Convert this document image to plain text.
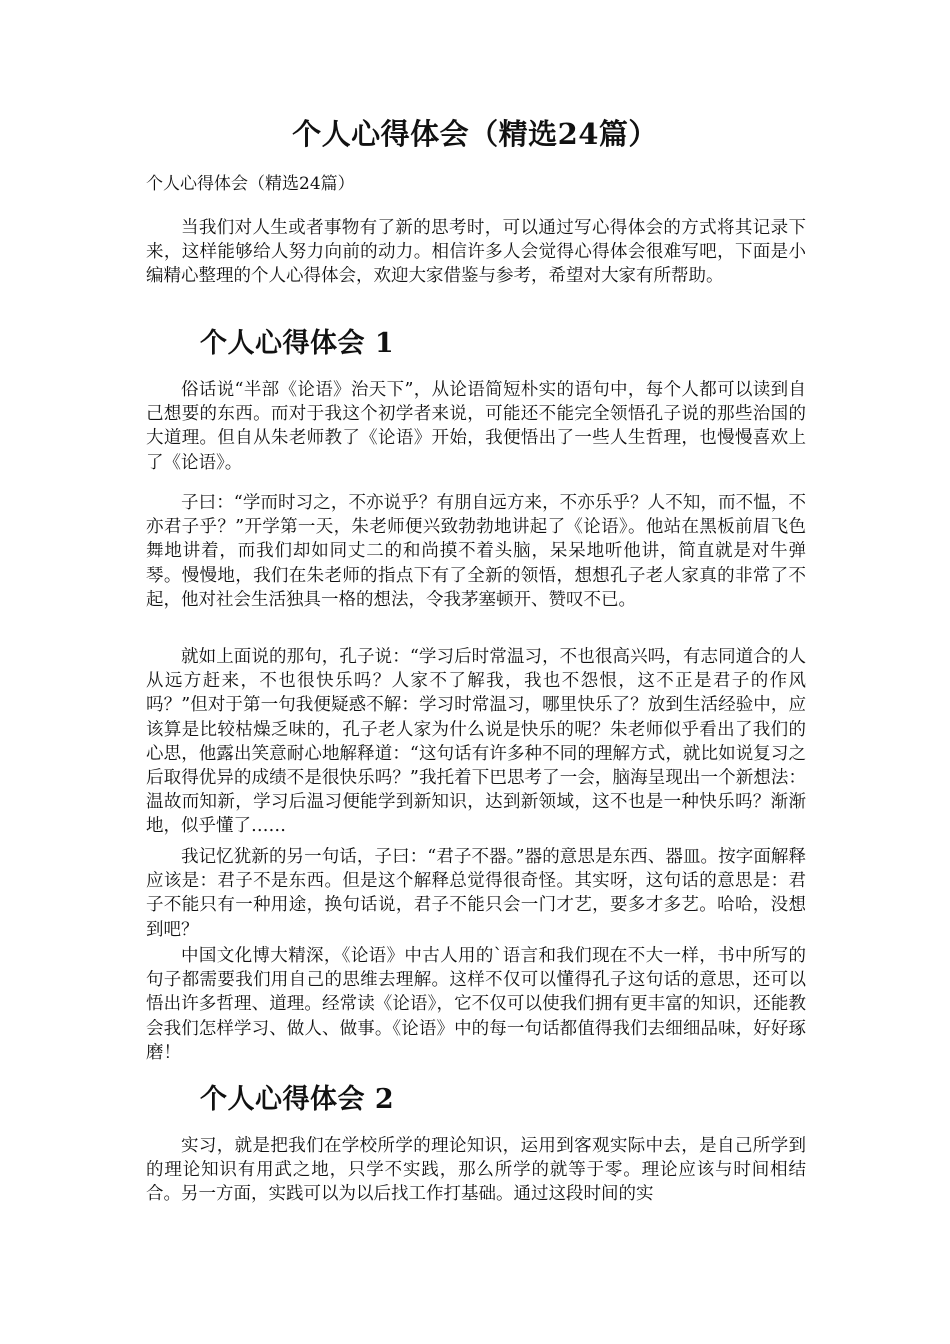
个人心得体会（精选24篇）
个人心得体会（精选24篇）

当我们对人生或者事物有了新的思考时，可以通过写心得体会的方式将其记录下来，这样能够给人努力向前的动力。相信许多人会觉得心得体会很难写吧，下面是小编精心整理的个人心得体会，欢迎大家借鉴与参考，希望对大家有所帮助。

个人心得体会 1

俗话说“半部《论语》治天下”，从论语简短朴实的语句中，每个人都可以读到自己想要的东西。而对于我这个初学者来说，可能还不能完全领悟孔子说的那些治国的大道理。但自从朱老师教了《论语》开始，我便悟出了一些人生哲理，也慢慢喜欢上了《论语》。

子曰：“学而时习之，不亦说乎？有朋自远方来，不亦乐乎？人不知，而不愠，不亦君子乎？”开学第一天，朱老师便兴致勃勃地讲起了《论语》。他站在黑板前眉飞色舞地讲着，而我们却如同丈二的和尚摸不着头脑，呆呆地听他讲，简直就是对牛弹琴。慢慢地，我们在朱老师的指点下有了全新的领悟，想想孔子老人家真的非常了不起，他对社会生活独具一格的想法，令我茅塞顿开、赞叹不已。

就如上面说的那句，孔子说：“学习后时常温习，不也很高兴吗，有志同道合的人从远方赶来，不也很快乐吗？人家不了解我，我也不怨恨，这不正是君子的作风吗？”但对于第一句我便疑惑不解：学习时常温习，哪里快乐了？放到生活经验中，应该算是比较枯燥乏味的，孔子老人家为什么说是快乐的呢？朱老师似乎看出了我们的心思，他露出笑意耐心地解释道：“这句话有许多种不同的理解方式，就比如说复习之后取得优异的成绩不是很快乐吗？”我托着下巴思考了一会，脑海呈现出一个新想法：温故而知新，学习后温习便能学到新知识，达到新领域，这不也是一种快乐吗？渐渐地，似乎懂了……

我记忆犹新的另一句话，子曰：“君子不器。”器的意思是东西、器皿。按字面解释应该是：君子不是东西。但是这个解释总觉得很奇怪。其实呀，这句话的意思是：君子不能只有一种用途，换句话说，君子不能只会一门才艺，要多才多艺。哈哈，没想到吧？

中国文化博大精深，《论语》中古人用的`语言和我们现在不大一样，书中所写的句子都需要我们用自己的思维去理解。这样不仅可以懂得孔子这句话的意思，还可以悟出许多哲理、道理。经常读《论语》，它不仅可以使我们拥有更丰富的知识，还能教会我们怎样学习、做人、做事。《论语》中的每一句话都值得我们去细细品味，好好琢磨！

个人心得体会 2

实习，就是把我们在学校所学的理论知识，运用到客观实际中去，是自己所学到的理论知识有用武之地，只学不实践，那么所学的就等于零。理论应该与时间相结合。另一方面，实践可以为以后找工作打基础。通过这段时间的实
